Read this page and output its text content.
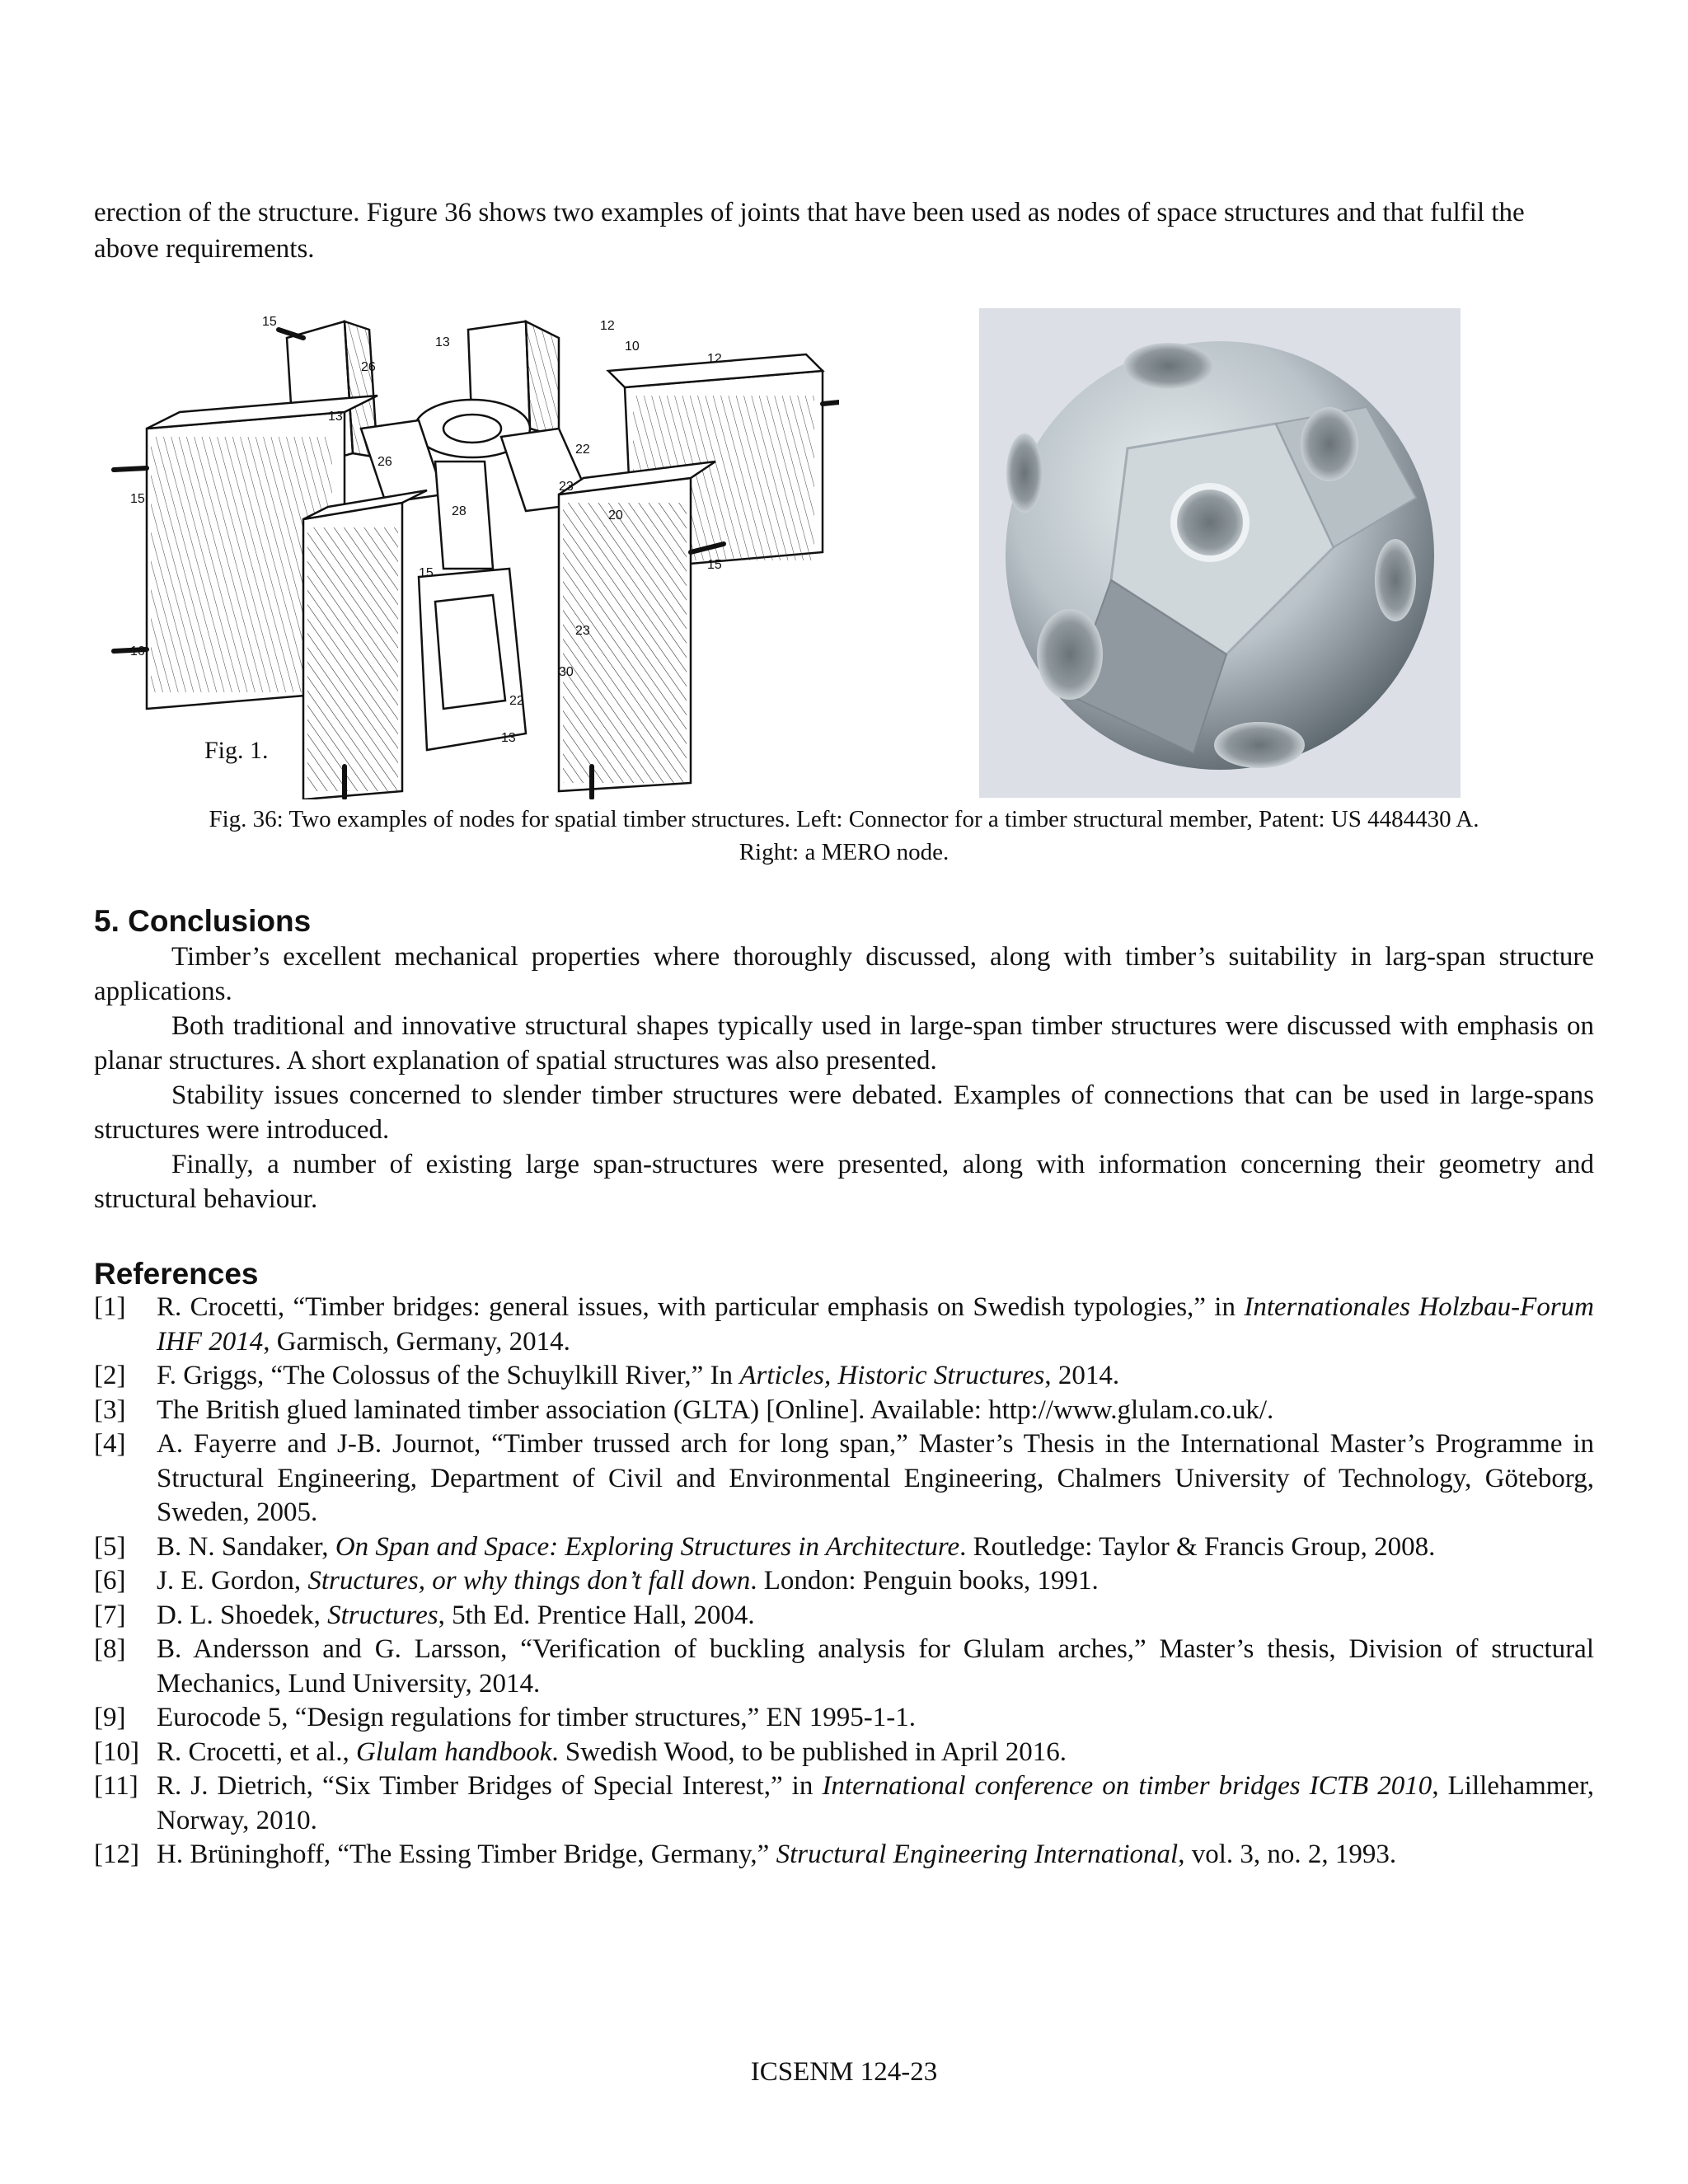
erection of the structure. Figure 36 shows two examples of joints that have been used as nodes of space structures and that fulfil the above requirements.

15
15
13
12
10
12
15
26
26
13
22
20
23
28
15
23
30
22
16
13
Fig. 1.
Fig. 36: Two examples of nodes for spatial timber structures. Left: Connector for a timber structural member, Patent: US 4484430 A.
Right: a MERO node.
5. Conclusions

Timber’s excellent mechanical properties where thoroughly discussed, along with timber’s suitability in larg-span structure applications.

Both traditional and innovative structural shapes typically used in large-span timber structures were discussed with emphasis on planar structures. A short explanation of spatial structures was also presented.

Stability issues concerned to slender timber structures were debated. Examples of connections that can be used in large-spans structures were introduced.

Finally, a number of existing large span-structures were presented, along with information concerning their geometry and structural behaviour.

References
[1] R. Crocetti, “Timber bridges: general issues, with particular emphasis on Swedish typologies,” in Internationales Holzbau-Forum IHF 2014, Garmisch, Germany, 2014.
[2] F. Griggs, “The Colossus of the Schuylkill River,” In Articles, Historic Structures, 2014.
[3] The British glued laminated timber association (GLTA) [Online]. Available: http://www.glulam.co.uk/.
[4] A. Fayerre and J-B. Journot, “Timber trussed arch for long span,” Master’s Thesis in the International Master’s Programme in Structural Engineering, Department of Civil and Environmental Engineering, Chalmers University of Technology, Göteborg, Sweden, 2005.
[5] B. N. Sandaker, On Span and Space: Exploring Structures in Architecture. Routledge: Taylor & Francis Group, 2008.
[6] J. E. Gordon, Structures, or why things don’t fall down. London: Penguin books, 1991.
[7] D. L. Shoedek, Structures, 5th Ed. Prentice Hall, 2004.
[8] B. Andersson and G. Larsson, “Verification of buckling analysis for Glulam arches,” Master’s thesis, Division of structural Mechanics, Lund University, 2014.
[9] Eurocode 5, “Design regulations for timber structures,” EN 1995-1-1.
[10] R. Crocetti, et al., Glulam handbook. Swedish Wood, to be published in April 2016.
[11] R. J. Dietrich, “Six Timber Bridges of Special Interest,” in International conference on timber bridges ICTB 2010, Lillehammer, Norway, 2010.
[12] H. Brüninghoff, “The Essing Timber Bridge, Germany,” Structural Engineering International, vol. 3, no. 2, 1993.
ICSENM 124-23
